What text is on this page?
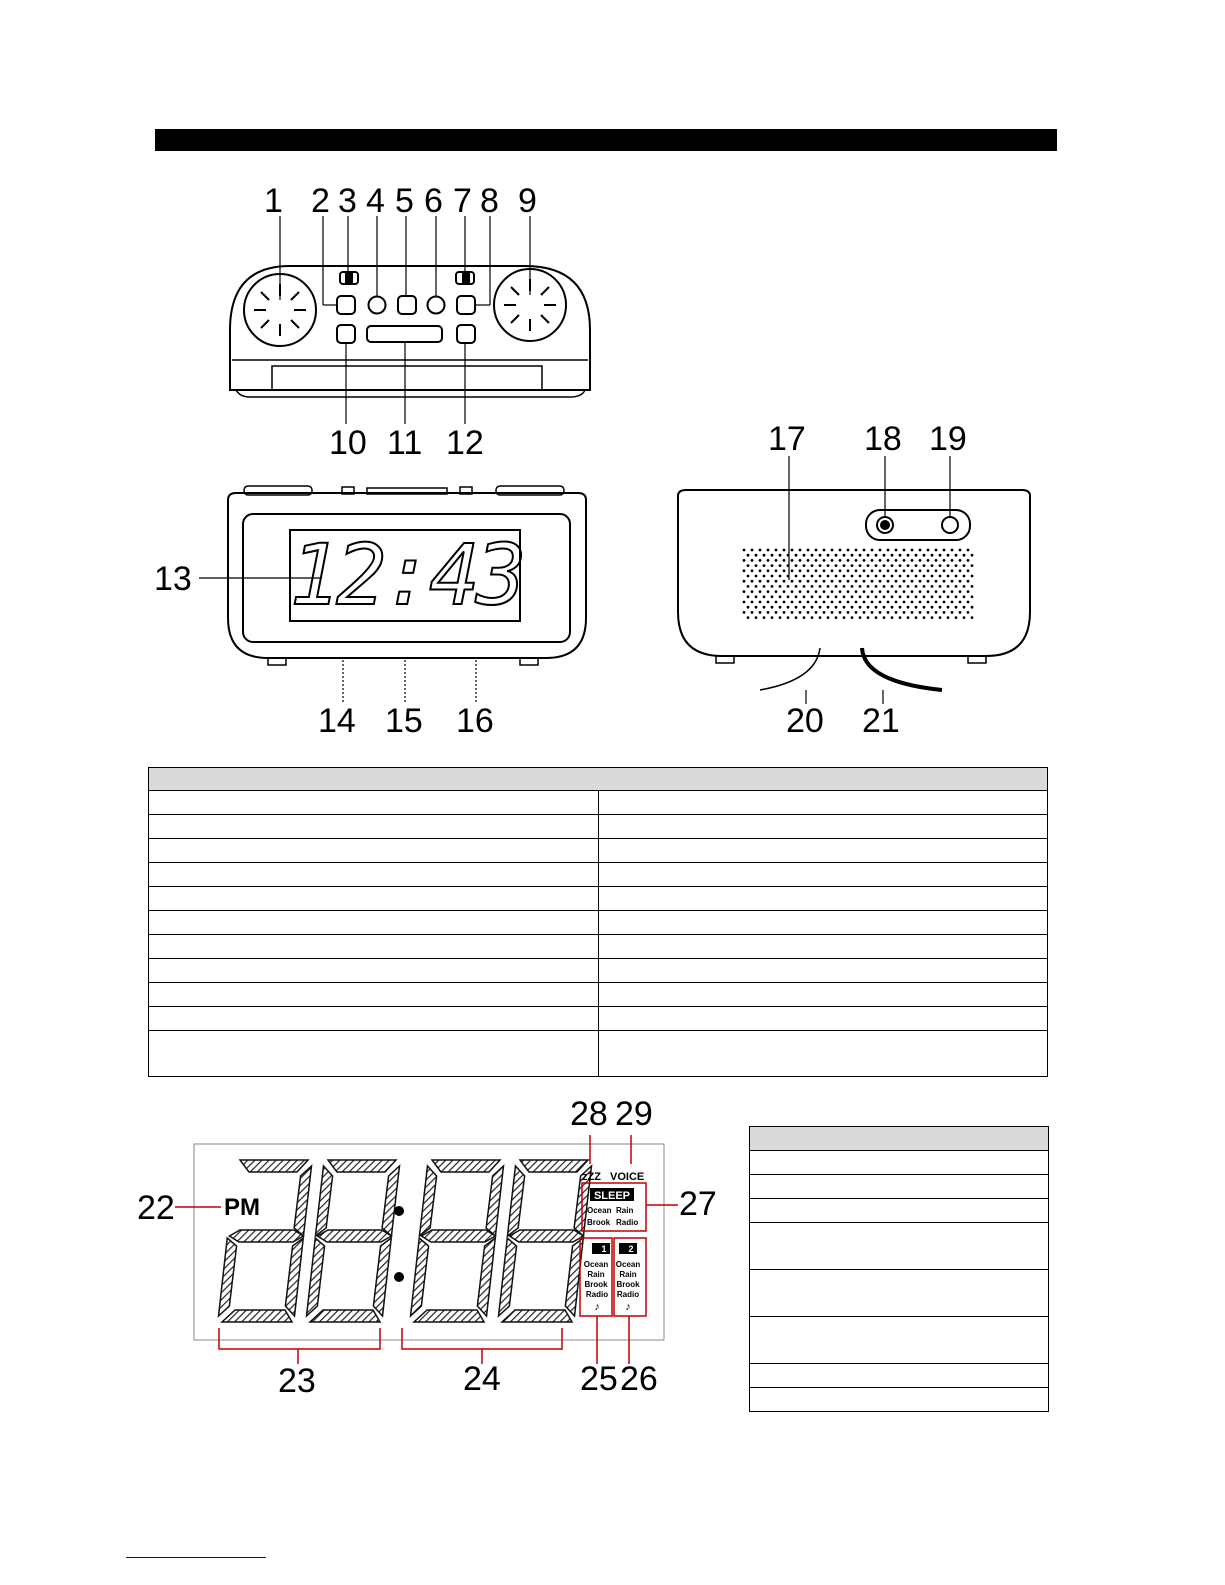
1 2 3 4 5 6 7 8 9
10 11 12
12:43
13
14 15 16
17 18 19
20 21
PM
zZZ VOICE
SLEEP
Ocean Rain
Brook Radio
1
Ocean
Rain
Brook
Radio
♪
2
Ocean
Rain
Brook
Radio
♪
22
23	24 25 26
27
28 29
